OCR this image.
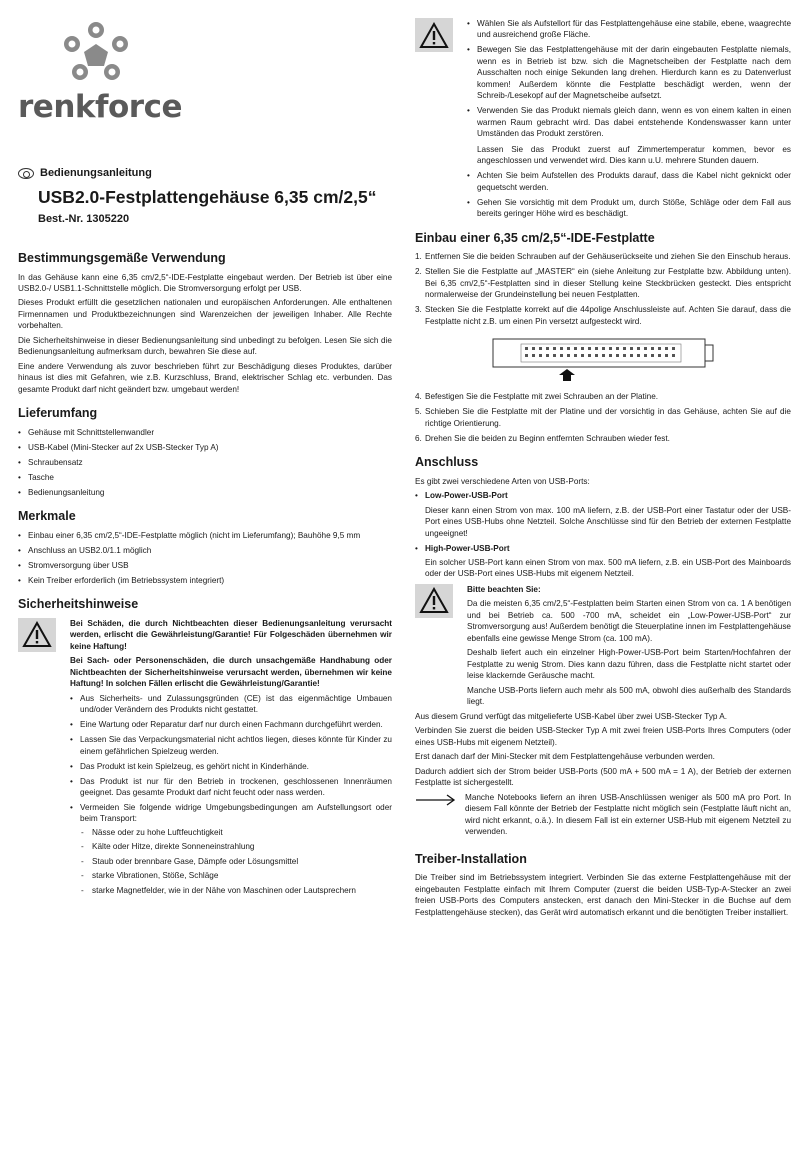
renkforce
Bedienungsanleitung
USB2.0-Festplattengehäuse 6,35 cm/2,5“
Best.-Nr. 1305220
Bestimmungsgemäße Verwendung

In das Gehäuse kann eine 6,35 cm/2,5“-IDE-Festplatte eingebaut werden. Der Betrieb ist über eine USB2.0-/ USB1.1-Schnittstelle möglich. Die Stromversorgung erfolgt per USB.

Dieses Produkt erfüllt die gesetzlichen nationalen und europäischen Anforderungen. Alle enthaltenen Firmennamen und Produktbezeichnungen sind Warenzeichen der jeweiligen Inhaber. Alle Rechte vorbehalten.

Die Sicherheitshinweise in dieser Bedienungsanleitung sind unbedingt zu befolgen. Lesen Sie sich die Bedienungsanleitung aufmerksam durch, bewahren Sie diese auf.

Eine andere Verwendung als zuvor beschrieben führt zur Beschädigung dieses Produktes, darüber hinaus ist dies mit Gefahren, wie z.B. Kurzschluss, Brand, elektrischer Schlag etc. verbunden. Das gesamte Produkt darf nicht geändert bzw. umgebaut werden!

Lieferumfang
• Gehäuse mit Schnittstellenwandler
• USB-Kabel (Mini-Stecker auf 2x USB-Stecker Typ A)
• Schraubensatz
• Tasche
• Bedienungsanleitung
Merkmale
• Einbau einer 6,35 cm/2,5“-IDE-Festplatte möglich (nicht im Lieferumfang); Bauhöhe 9,5 mm
• Anschluss an USB2.0/1.1 möglich
• Stromversorgung über USB
• Kein Treiber erforderlich (im Betriebssystem integriert)
Sicherheitshinweise

Bei Schäden, die durch Nichtbeachten dieser Bedienungsanleitung verursacht werden, erlischt die Gewährleistung/Garantie! Für Folgeschäden übernehmen wir keine Haftung!

Bei Sach- oder Personenschäden, die durch unsachgemäße Handhabung oder Nichtbeachten der Sicherheitshinweise verursacht werden, übernehmen wir keine Haftung! In solchen Fällen erlischt die Gewährleistung/Garantie!

• Aus Sicherheits- und Zulassungsgründen (CE) ist das eigenmächtige Umbauen und/oder Verändern des Produkts nicht gestattet.
• Eine Wartung oder Reparatur darf nur durch einen Fachmann durchgeführt werden.
• Lassen Sie das Verpackungsmaterial nicht achtlos liegen, dieses könnte für Kinder zu einem gefährlichen Spielzeug werden.
• Das Produkt ist kein Spielzeug, es gehört nicht in Kinderhände.
• Das Produkt ist nur für den Betrieb in trockenen, geschlossenen Innenräumen geeignet. Das gesamte Produkt darf nicht feucht oder nass werden.
• Vermeiden Sie folgende widrige Umgebungsbedingungen am Aufstellungsort oder beim Transport:
- Nässe oder zu hohe Luftfeuchtigkeit
- Kälte oder Hitze, direkte Sonneneinstrahlung
- Staub oder brennbare Gase, Dämpfe oder Lösungsmittel
- starke Vibrationen, Stöße, Schläge
- starke Magnetfelder, wie in der Nähe von Maschinen oder Lautsprechern
• Wählen Sie als Aufstellort für das Festplattengehäuse eine stabile, ebene, waagrechte und ausreichend große Fläche.
• Bewegen Sie das Festplattengehäuse mit der darin eingebauten Festplatte niemals, wenn es in Betrieb ist bzw. sich die Magnetscheiben der Festplatte nach dem Ausschalten noch einige Sekunden lang drehen. Hierdurch kann es zu Datenverlust kommen! Außerdem könnte die Festplatte beschädigt werden, wenn der Schreib-/Lesekopf auf der Magnetscheibe aufsetzt.
• Verwenden Sie das Produkt niemals gleich dann, wenn es von einem kalten in einen warmen Raum gebracht wird. Das dabei entstehende Kondenswasser kann unter Umständen das Produkt zerstören.

Lassen Sie das Produkt zuerst auf Zimmertemperatur kommen, bevor es angeschlossen und verwendet wird. Dies kann u.U. mehrere Stunden dauern.

• Achten Sie beim Aufstellen des Produkts darauf, dass die Kabel nicht geknickt oder gequetscht werden.
• Gehen Sie vorsichtig mit dem Produkt um, durch Stöße, Schläge oder dem Fall aus bereits geringer Höhe wird es beschädigt.
Einbau einer 6,35 cm/2,5“-IDE-Festplatte
1. Entfernen Sie die beiden Schrauben auf der Gehäuserückseite und ziehen Sie den Einschub heraus.
2. Stellen Sie die Festplatte auf „MASTER“ ein (siehe Anleitung zur Festplatte bzw. Abbildung unten). Bei 6,35 cm/2,5“-Festplatten sind in dieser Stellung keine Steckbrücken gesteckt. Dies entspricht normalerweise der Grundeinstellung bei neuen Festplatten.
3. Stecken Sie die Festplatte korrekt auf die 44polige Anschlussleiste auf. Achten Sie darauf, dass die Festplatte nicht z.B. um einen Pin versetzt aufgesteckt wird.
4. Befestigen Sie die Festplatte mit zwei Schrauben an der Platine.
5. Schieben Sie die Festplatte mit der Platine und der vorsichtig in das Gehäuse, achten Sie auf die richtige Orientierung.
6. Drehen Sie die beiden zu Beginn entfernten Schrauben wieder fest.
Anschluss

Es gibt zwei verschiedene Arten von USB-Ports:

• Low-Power-USB-Port

Dieser kann einen Strom von max. 100 mA liefern, z.B. der USB-Port einer Tastatur oder der USB-Port eines USB-Hubs ohne Netzteil. Solche Anschlüsse sind für den Betrieb der externen Festplatte ungeeignet!

• High-Power-USB-Port

Ein solcher USB-Port kann einen Strom von max. 500 mA liefern, z.B. ein USB-Port des Mainboards oder der USB-Port eines USB-Hubs mit eigenem Netzteil.

Bitte beachten Sie:

Da die meisten 6,35 cm/2,5“-Festplatten beim Starten einen Strom von ca. 1 A benötigen und bei Betrieb ca. 500 -700 mA, scheidet ein „Low-Power-USB-Port“ zur Stromversorgung aus! Außerdem benötigt die Steuerplatine innen im Festplattengehäuse ebenfalls eine gewisse Menge Strom (ca. 100 mA).

Deshalb liefert auch ein einzelner High-Power-USB-Port beim Starten/Hochfahren der Festplatte zu wenig Strom. Dies kann dazu führen, dass die Festplatte nicht startet oder leise klackernde Geräusche macht.

Manche USB-Ports liefern auch mehr als 500 mA, obwohl dies außerhalb des Standards liegt.

Aus diesem Grund verfügt das mitgelieferte USB-Kabel über zwei USB-Stecker Typ A.

Verbinden Sie zuerst die beiden USB-Stecker Typ A mit zwei freien USB-Ports Ihres Computers (oder eines USB-Hubs mit eigenem Netzteil).

Erst danach darf der Mini-Stecker mit dem Festplattengehäuse verbunden werden.

Dadurch addiert sich der Strom beider USB-Ports (500 mA + 500 mA = 1 A), der Betrieb der externen Festplatte ist sichergestellt.

Manche Notebooks liefern an ihren USB-Anschlüssen weniger als 500 mA pro Port. In diesem Fall könnte der Betrieb der Festplatte nicht möglich sein (Festplatte läuft nicht an, wird nicht erkannt, o.ä.). In diesem Fall ist ein externer USB-Hub mit eigenem Netzteil zu verwenden.

Treiber-Installation

Die Treiber sind im Betriebssystem integriert. Verbinden Sie das externe Festplattengehäuse mit der eingebauten Festplatte einfach mit Ihrem Computer (zuerst die beiden USB-Typ-A-Stecker an zwei freien USB-Ports des Computers anstecken, erst danach den Mini-Stecker in die Buchse auf dem Festplattengehäuse stecken), das Gerät wird automatisch erkannt und die benötigten Treiber installiert.
